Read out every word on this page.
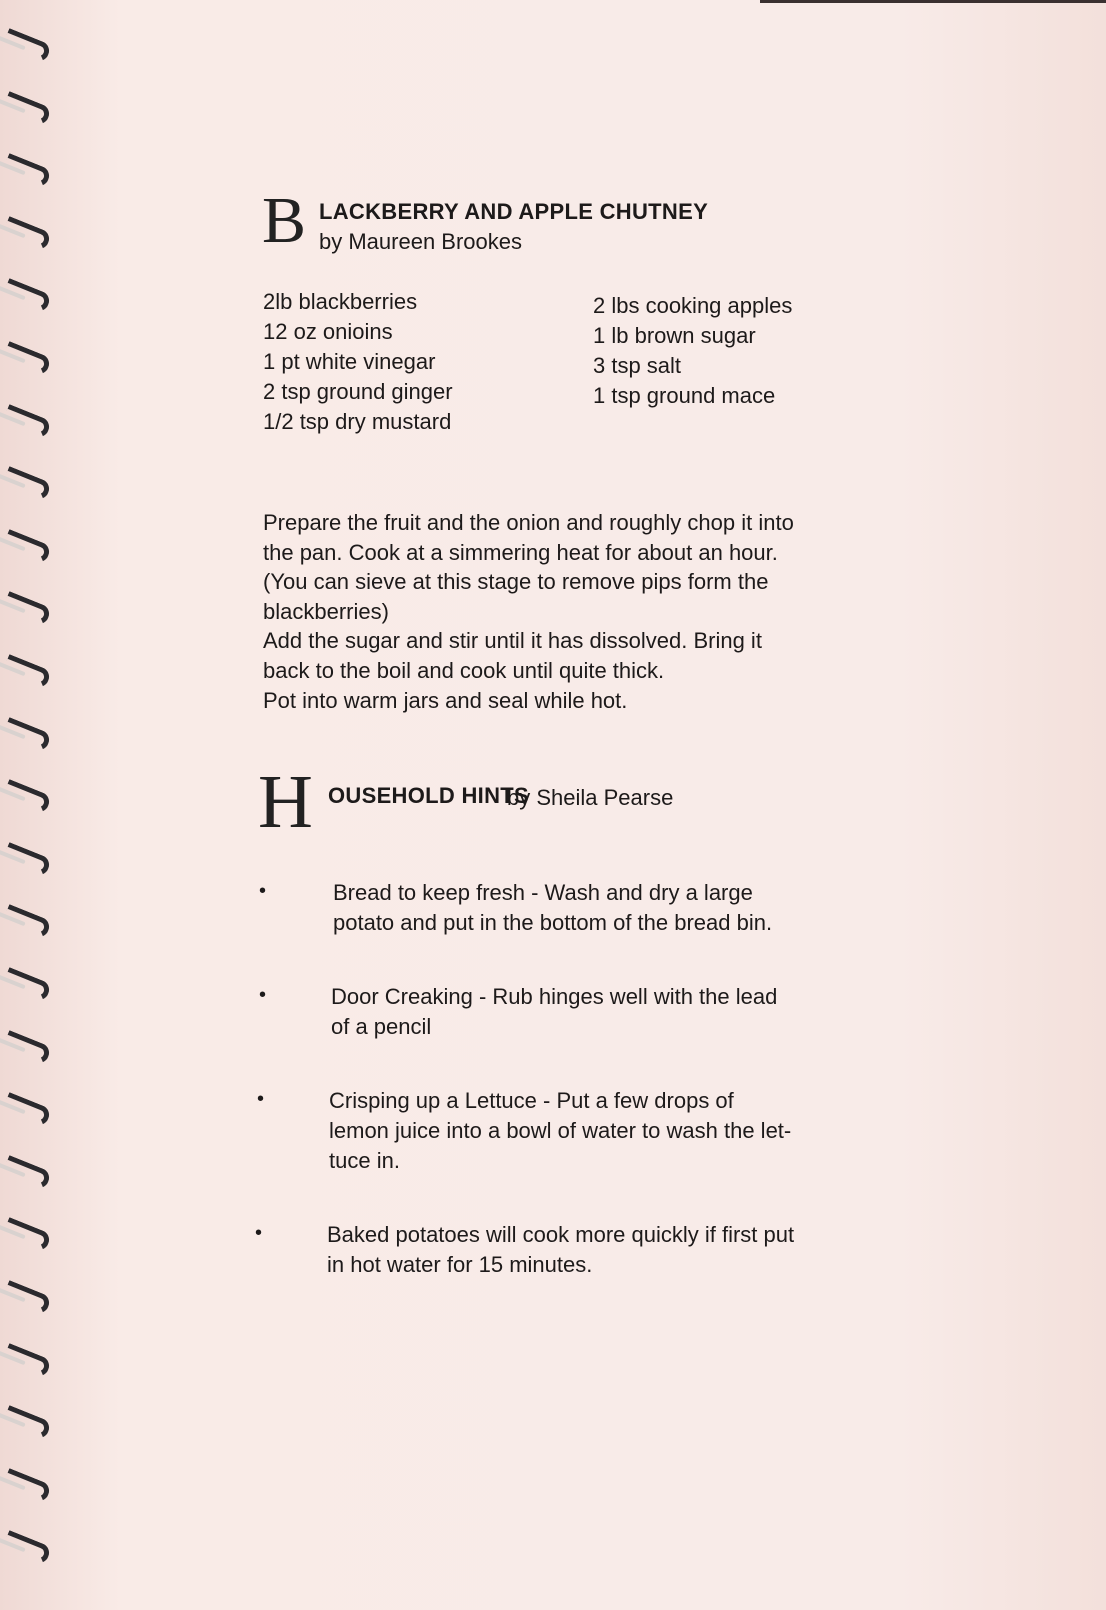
B LACKBERRY AND APPLE CHUTNEY
by Maureen Brookes
2lb blackberries
12 oz onioins
1 pt white vinegar
2 tsp ground ginger
1/2 tsp dry mustard
2 lbs cooking apples
1 lb brown sugar
3 tsp salt
1 tsp ground mace
Prepare the fruit and the onion and roughly chop it into
the pan. Cook at a simmering heat for about an hour.
(You can sieve at this stage to remove pips form the
blackberries)
Add the sugar and stir until it has dissolved. Bring it
back to the boil and cook until quite thick.
Pot into warm jars and seal while hot.
H OUSEHOLD HINTS
by Sheila Pearse
•	Bread to keep fresh - Wash and dry a large
potato and put in the bottom of the bread bin.
•	Door Creaking - Rub hinges well with the lead
of a pencil
•	Crisping up a Lettuce - Put a few drops of
lemon juice into a bowl of water to wash the let-
tuce in.
•	Baked potatoes will cook more quickly if first put
in hot water for 15 minutes.
